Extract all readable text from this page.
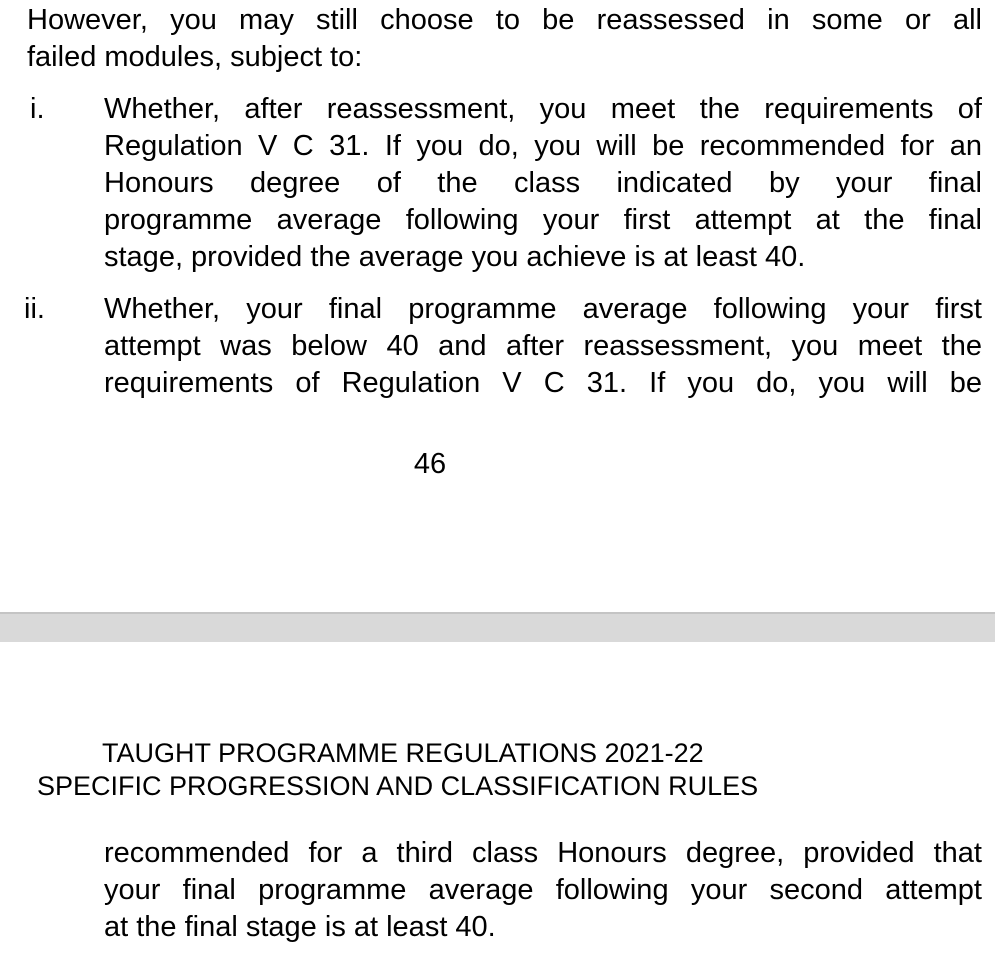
However, you may still choose to be reassessed in some or all
failed modules, subject to:
i. Whether, after reassessment, you meet the requirements of
Regulation V C 31. If you do, you will be recommended for an
Honours degree of the class indicated by your final
programme average following your first attempt at the final
stage, provided the average you achieve is at least 40.
ii. Whether, your final programme average following your first
attempt was below 40 and after reassessment, you meet the
requirements of Regulation V C 31. If you do, you will be
46
TAUGHT PROGRAMME REGULATIONS 2021-22
SPECIFIC PROGRESSION AND CLASSIFICATION RULES
recommended for a third class Honours degree, provided that
your final programme average following your second attempt
at the final stage is at least 40.
